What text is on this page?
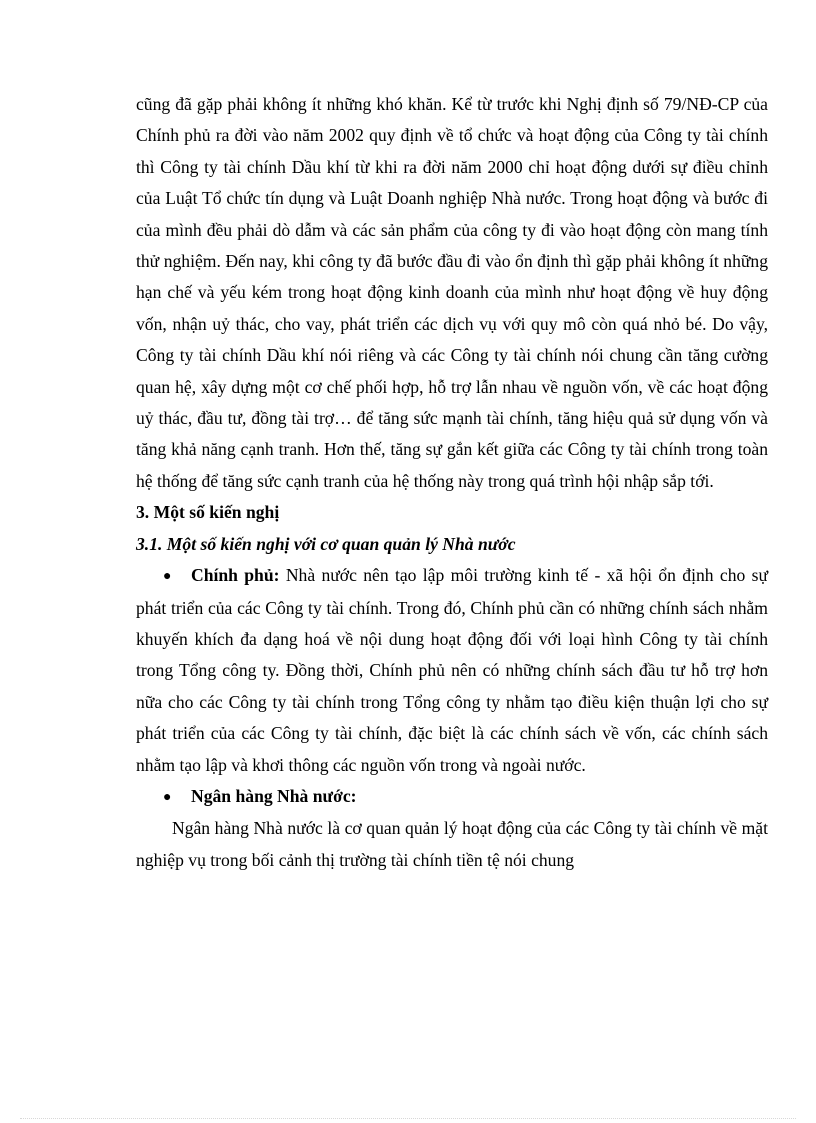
cũng đã gặp phải không ít những khó khăn. Kể từ trước khi Nghị định số 79/NĐ-CP của Chính phủ ra đời vào năm 2002 quy định về tổ chức và hoạt động của Công ty tài chính thì Công ty tài chính Dầu khí từ khi ra đời năm 2000 chỉ hoạt động dưới sự điều chỉnh của Luật Tổ chức tín dụng và Luật Doanh nghiệp Nhà nước. Trong hoạt động và bước đi của mình đều phải dò dẫm và các sản phẩm của công ty đi vào hoạt động còn mang tính thử nghiệm. Đến nay, khi công ty đã bước đầu đi vào ổn định thì gặp phải không ít những hạn chế và yếu kém trong hoạt động kinh doanh của mình như hoạt động về huy động vốn, nhận uỷ thác, cho vay, phát triển các dịch vụ với quy mô còn quá nhỏ bé. Do vậy, Công ty tài chính Dầu khí nói riêng và các Công ty tài chính nói chung cần tăng cường quan hệ, xây dựng một cơ chế phối hợp, hỗ trợ lẫn nhau về nguồn vốn, về các hoạt động uỷ thác, đầu tư, đồng tài trợ… để tăng sức mạnh tài chính, tăng hiệu quả sử dụng vốn và tăng khả năng cạnh tranh. Hơn thế, tăng sự gắn kết giữa các Công ty tài chính trong toàn hệ thống để tăng sức cạnh tranh của hệ thống này trong quá trình hội nhập sắp tới.

3. Một số kiến nghị

3.1. Một số kiến nghị với cơ quan quản lý Nhà nước

● Chính phủ: Nhà nước nên tạo lập môi trường kinh tế - xã hội ổn định cho sự phát triển của các Công ty tài chính. Trong đó, Chính phủ cần có những chính sách nhằm khuyến khích đa dạng hoá về nội dung hoạt động đối với loại hình Công ty tài chính trong Tổng công ty. Đồng thời, Chính phủ nên có những chính sách đầu tư hỗ trợ hơn nữa cho các Công ty tài chính trong Tổng công ty nhằm tạo điều kiện thuận lợi cho sự phát triển của các Công ty tài chính, đặc biệt là các chính sách về vốn, các chính sách nhằm tạo lập và khơi thông các nguồn vốn trong và ngoài nước.

● Ngân hàng Nhà nước:

Ngân hàng Nhà nước là cơ quan quản lý hoạt động của các Công ty tài chính về mặt nghiệp vụ trong bối cảnh thị trường tài chính tiền tệ nói chung
